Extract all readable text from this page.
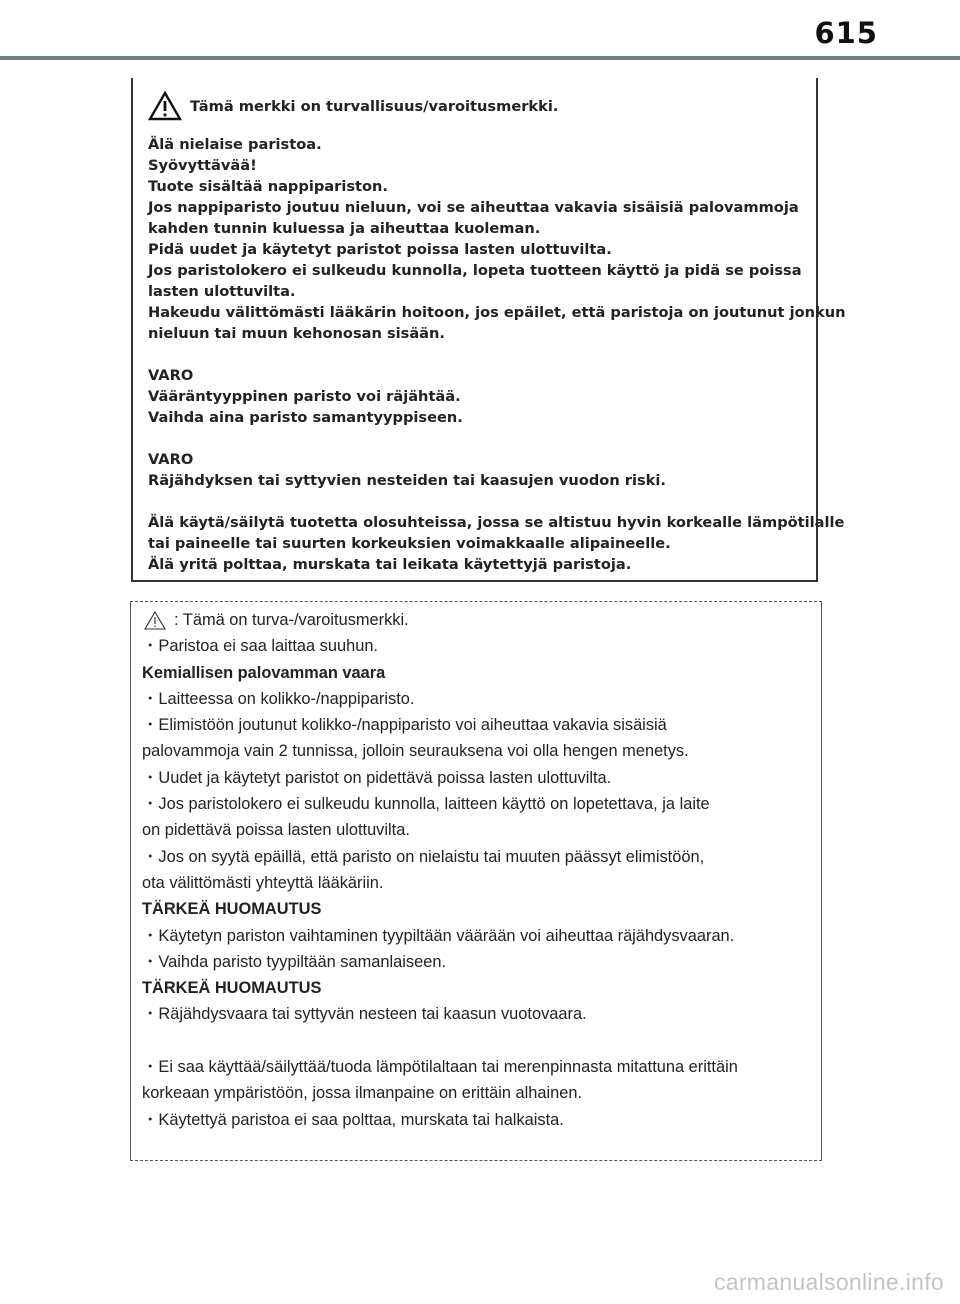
615
Tämä merkki on turvallisuus/varoitusmerkki.
Älä nielaise paristoa.
Syövyttävää!
Tuote sisältää nappipariston.
Jos nappiparisto joutuu nieluun, voi se aiheuttaa vakavia sisäisiä palovammoja
kahden tunnin kuluessa ja aiheuttaa kuoleman.
Pidä uudet ja käytetyt paristot poissa lasten ulottuvilta.
Jos paristolokero ei sulkeudu kunnolla, lopeta tuotteen käyttö ja pidä se poissa
lasten ulottuvilta.
Hakeudu välittömästi lääkärin hoitoon, jos epäilet, että paristoja on joutunut jonkun
nieluun tai muun kehonosan sisään.
VARO
Vääräntyyppinen paristo voi räjähtää.
Vaihda aina paristo samantyyppiseen.
VARO
Räjähdyksen tai syttyvien nesteiden tai kaasujen vuodon riski.
Älä käytä/säilytä tuotetta olosuhteissa, jossa se altistuu hyvin korkealle lämpötilalle
tai paineelle tai suurten korkeuksien voimakkaalle alipaineelle.
Älä yritä polttaa, murskata tai leikata käytettyjä paristoja.
: Tämä on turva-/varoitusmerkki.
・Paristoa ei saa laittaa suuhun.
Kemiallisen palovamman vaara
・Laitteessa on kolikko-/nappiparisto.
・Elimistöön joutunut kolikko-/nappiparisto voi aiheuttaa vakavia sisäisiä
palovammoja vain 2 tunnissa, jolloin seurauksena voi olla hengen menetys.
・Uudet ja käytetyt paristot on pidettävä poissa lasten ulottuvilta.
・Jos paristolokero ei sulkeudu kunnolla, laitteen käyttö on lopetettava, ja laite
on pidettävä poissa lasten ulottuvilta.
・Jos on syytä epäillä, että paristo on nielaistu tai muuten päässyt elimistöön,
ota välittömästi yhteyttä lääkäriin.
TÄRKEÄ HUOMAUTUS
・Käytetyn pariston vaihtaminen tyypiltään väärään voi aiheuttaa räjähdysvaaran.
・Vaihda paristo tyypiltään samanlaiseen.
TÄRKEÄ HUOMAUTUS
・Räjähdysvaara tai syttyvän nesteen tai kaasun vuotovaara.
・Ei saa käyttää/säilyttää/tuoda lämpötilaltaan tai merenpinnasta mitattuna erittäin
korkeaan ympäristöön, jossa ilmanpaine on erittäin alhainen.
・Käytettyä paristoa ei saa polttaa, murskata tai halkaista.
carmanualsonline.info
